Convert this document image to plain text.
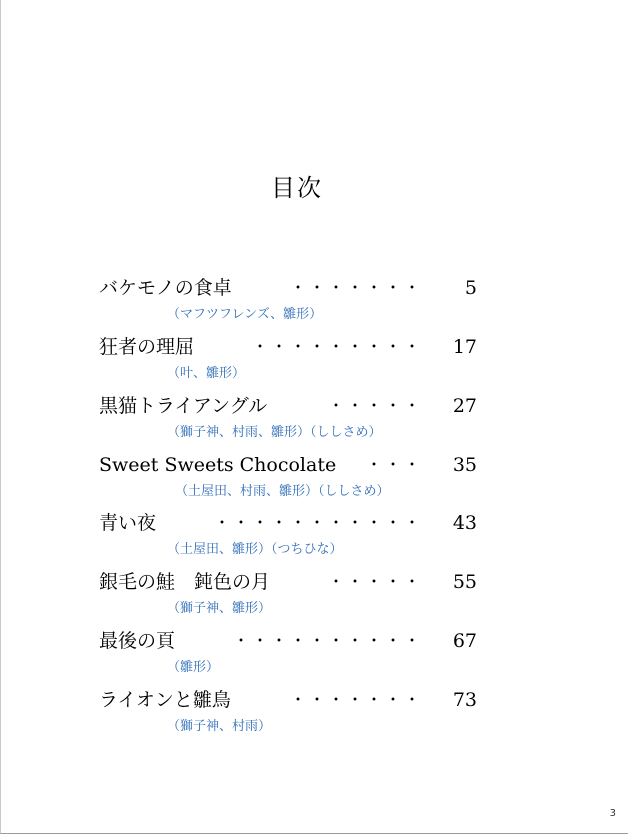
目次
バケモノの食卓	・・・・・・・	5
（マフツフレンズ、雛形）
狂者の理屈	・・・・・・・・・	17
（叶、雛形）
黒猫トライアングル	・・・・・	27
（獅子神、村雨、雛形）（ししさめ）
Sweet Sweets Chocolate ・・・	35
（土屋田、村雨、雛形）（ししさめ）
青い夜	・・・・・・・・・・・	43
（土屋田、雛形）（つちひな）
銀毛の鮭　鈍色の月	・・・・・	55
（獅子神、雛形）
最後の頁	・・・・・・・・・・	67
（雛形）
ライオンと雛鳥	・・・・・・・	73
（獅子神、村雨）
3
